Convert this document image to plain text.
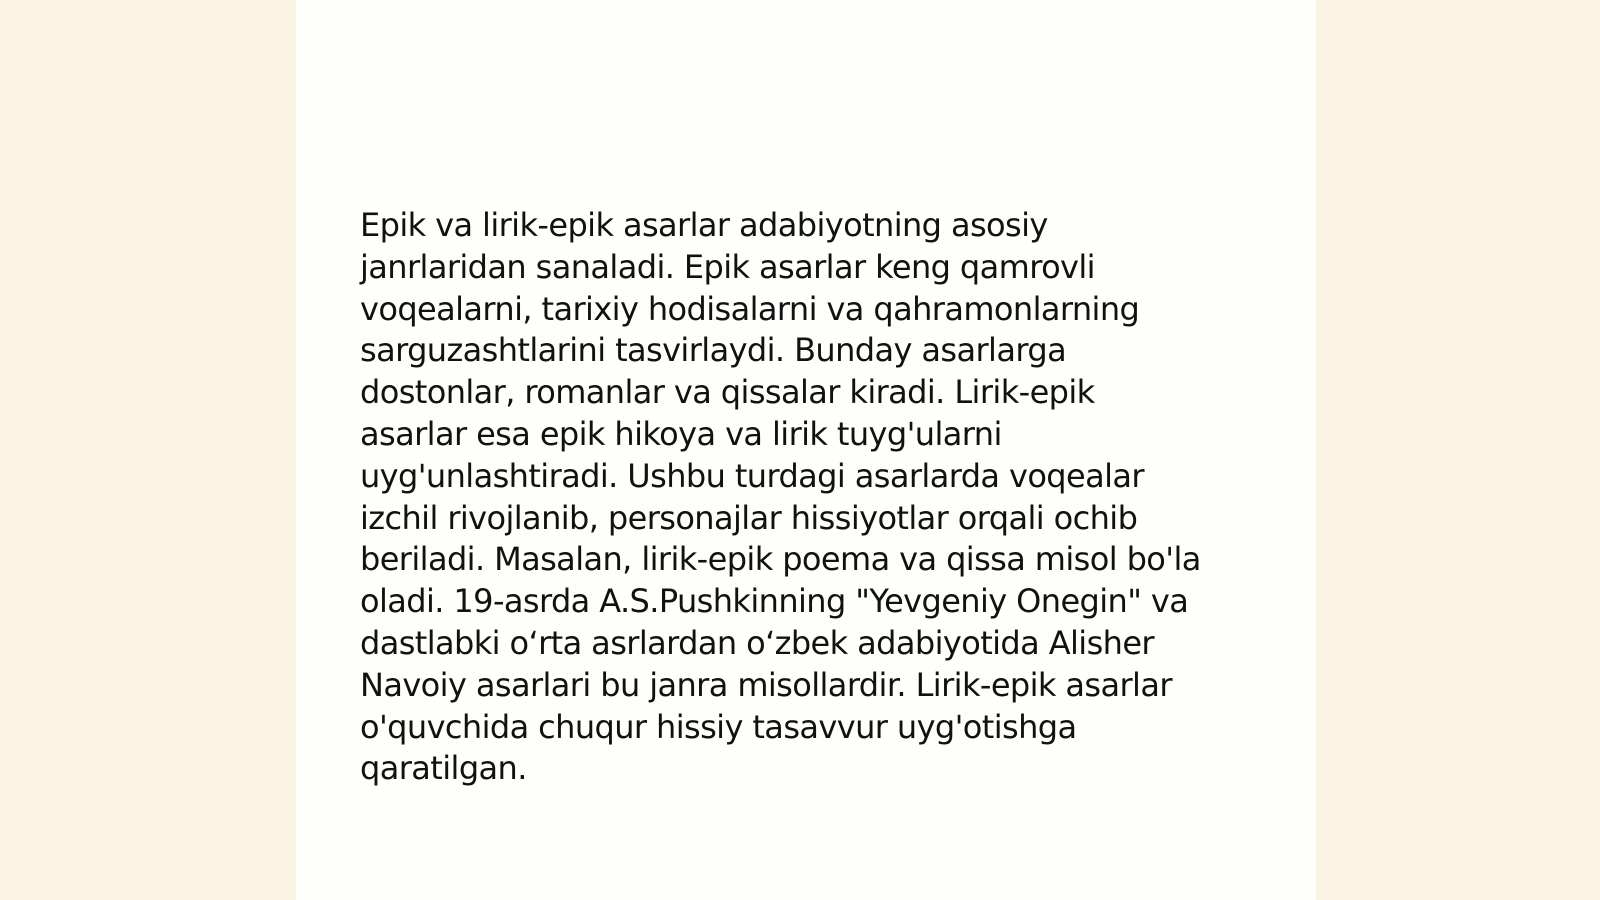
Epik va lirik-epik asarlar adabiyotning asosiy
janrlaridan sanaladi. Epik asarlar keng qamrovli
voqealarni, tarixiy hodisalarni va qahramonlarning
sarguzashtlarini tasvirlaydi. Bunday asarlarga
dostonlar, romanlar va qissalar kiradi. Lirik-epik
asarlar esa epik hikoya va lirik tuyg'ularni
uyg'unlashtiradi. Ushbu turdagi asarlarda voqealar
izchil rivojlanib, personajlar hissiyotlar orqali ochib
beriladi. Masalan, lirik-epik poema va qissa misol bo'la
oladi. 19-asrda A.S.Pushkinning "Yevgeniy Onegin" va
dastlabki o‘rta asrlardan o‘zbek adabiyotida Alisher
Navoiy asarlari bu janra misollardir. Lirik-epik asarlar
o'quvchida chuqur hissiy tasavvur uyg'otishga
qaratilgan.
